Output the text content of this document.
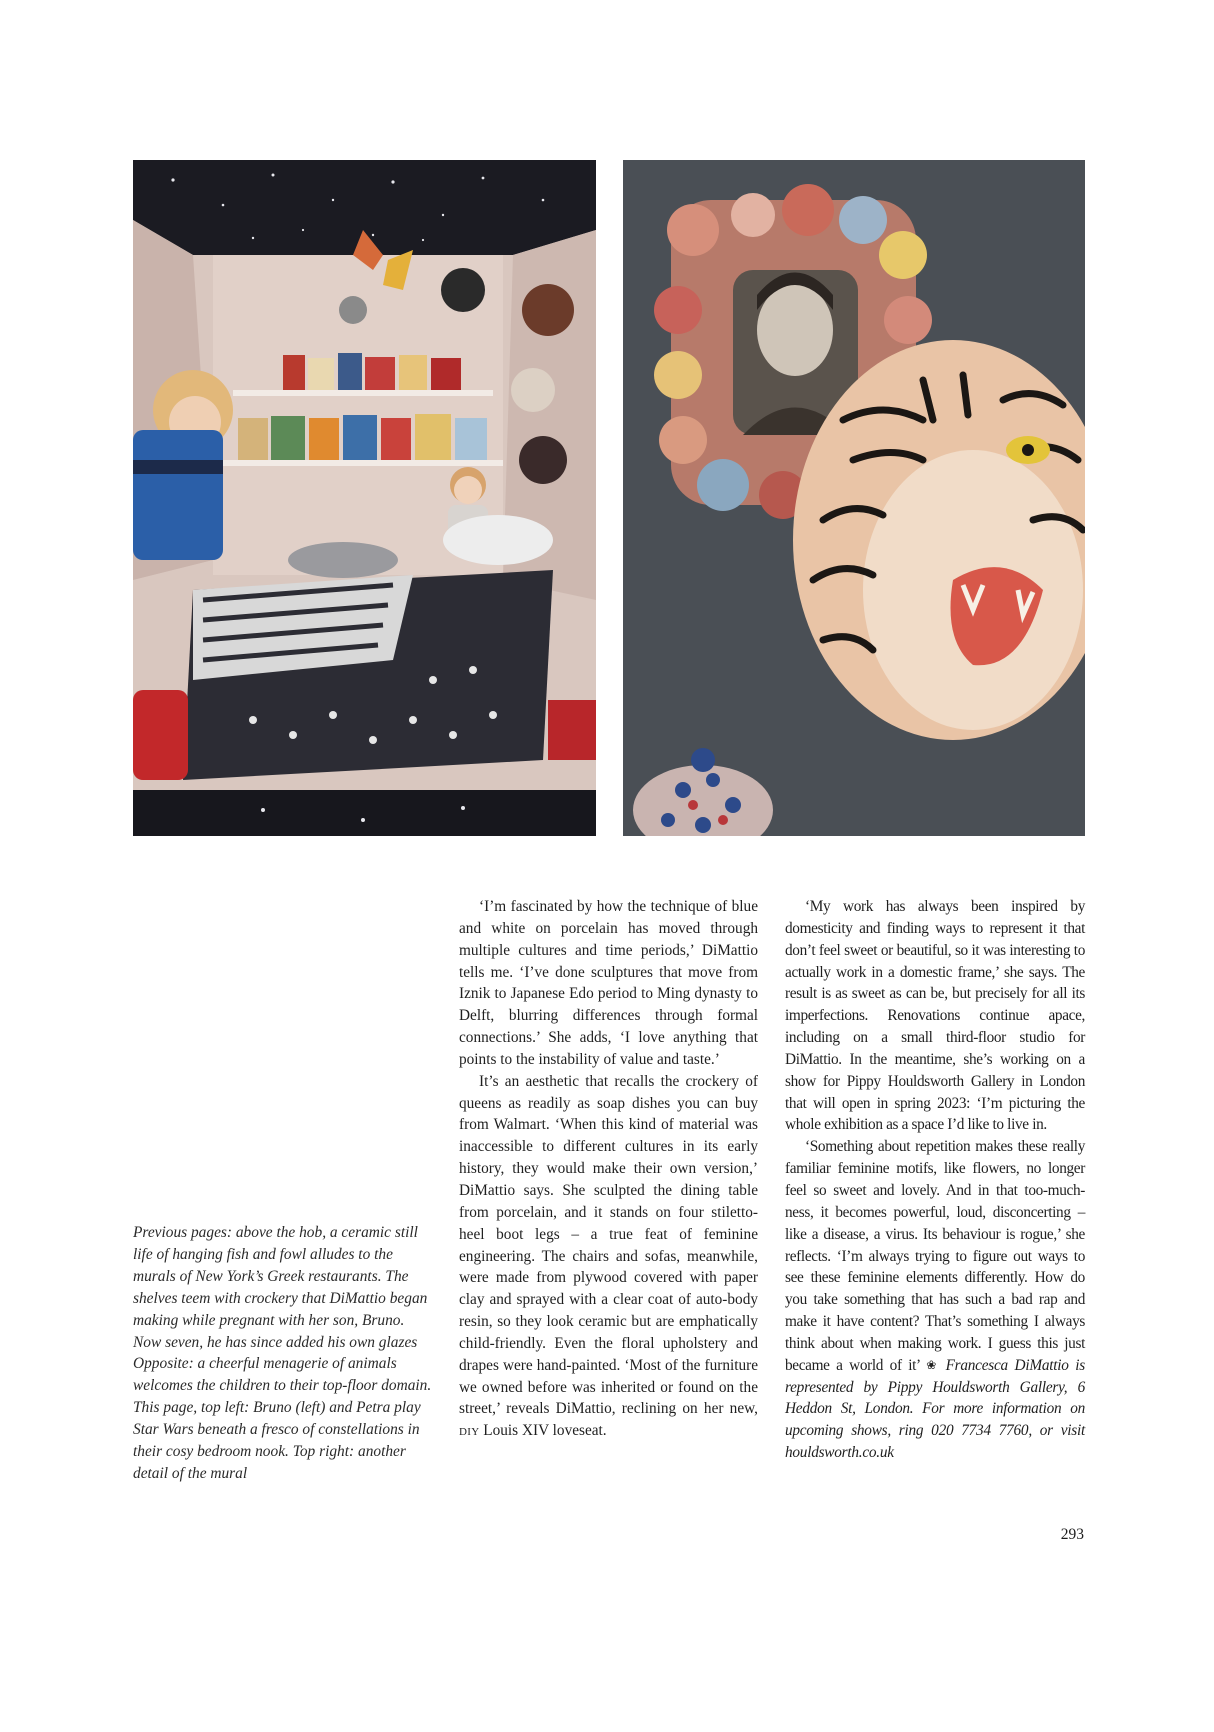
Previous pages: above the hob, a ceramic still life of hanging fish and fowl alludes to the murals of New York’s Greek restaurants. The shelves teem with crockery that DiMattio began making while pregnant with her son, Bruno. Now seven, he has since added his own glazes Opposite: a cheerful menagerie of animals welcomes the children to their top-floor domain. This page, top left: Bruno (left) and Petra play Star Wars beneath a fresco of constellations in their cosy bedroom nook. Top right: another detail of the mural

‘I’m fascinated by how the technique of blue and white on porcelain has moved through multiple cultures and time periods,’ DiMattio tells me. ‘I’ve done sculptures that move from Iznik to Japanese Edo period to Ming dynasty to Delft, blurring differences through formal connections.’ She adds, ‘I love anything that points to the instability of value and taste.’

It’s an aesthetic that recalls the crockery of queens as readily as soap dishes you can buy from Walmart. ‘When this kind of material was inaccessible to different cultures in its early history, they would make their own version,’ DiMattio says. She sculpted the dining table from porcelain, and it stands on four stiletto-heel boot legs – a true feat of feminine engineering. The chairs and sofas, meanwhile, were made from plywood covered with paper clay and sprayed with a clear coat of auto-body resin, so they look ceramic but are emphatically child-friendly. Even the floral upholstery and drapes were hand-painted. ‘Most of the furniture we owned before was inherited or found on the street,’ reveals DiMattio, reclining on her new, diy Louis XIV loveseat.

‘My work has always been inspired by domesticity and finding ways to represent it that don’t feel sweet or beautiful, so it was interesting to actually work in a domestic frame,’ she says. The result is as sweet as can be, but precisely for all its imperfections. Renovations continue apace, including on a small third-floor studio for DiMattio. In the meantime, she’s working on a show for Pippy Houldsworth Gallery in London that will open in spring 2023: ‘I’m picturing the whole exhibition as a space I’d like to live in.

‘Something about repetition makes these really familiar feminine motifs, like flowers, no longer feel so sweet and lovely. And in that too-much-ness, it becomes powerful, loud, disconcerting – like a disease, a virus. Its behaviour is rogue,’ she reflects. ‘I’m always trying to figure out ways to see these feminine elements differently. How do you take something that has such a bad rap and make it have content? That’s something I always think about when making work. I guess this just became a world of it’ ❀ Francesca DiMattio is represented by Pippy Houldsworth Gallery, 6 Heddon St, London. For more information on upcoming shows, ring 020 7734 7760, or visit houldsworth.co.uk

293
